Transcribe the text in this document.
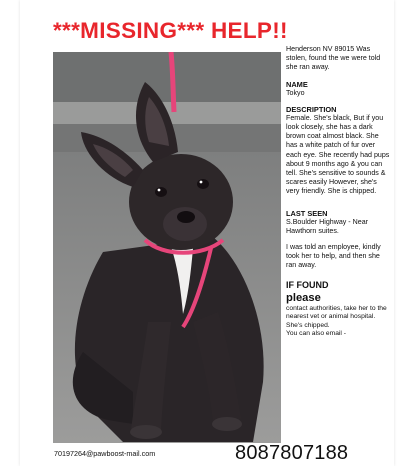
***MISSING*** HELP!!
Henderson NV 89015 Was stolen, found the we were told she ran away.
NAME
Tokyo
DESCRIPTION
Female. She's black, But if you look closely, she has a dark brown coat almost black. She has a white patch of fur over each eye. She recently had pups about 9 months ago & you can tell. She's sensitive to sounds & scares easily However, she's very friendly. She is chipped.
LAST SEEN
S.Boulder Highway - Near Hawthorn suites.
I was told an employee, kindly took her to help, and then she ran away.
IF FOUND
please
contact authorities, take her to the nearest vet or animal hospital. She's chipped.
You can also email -
70197264@pawboost-mail.com	8087807188
